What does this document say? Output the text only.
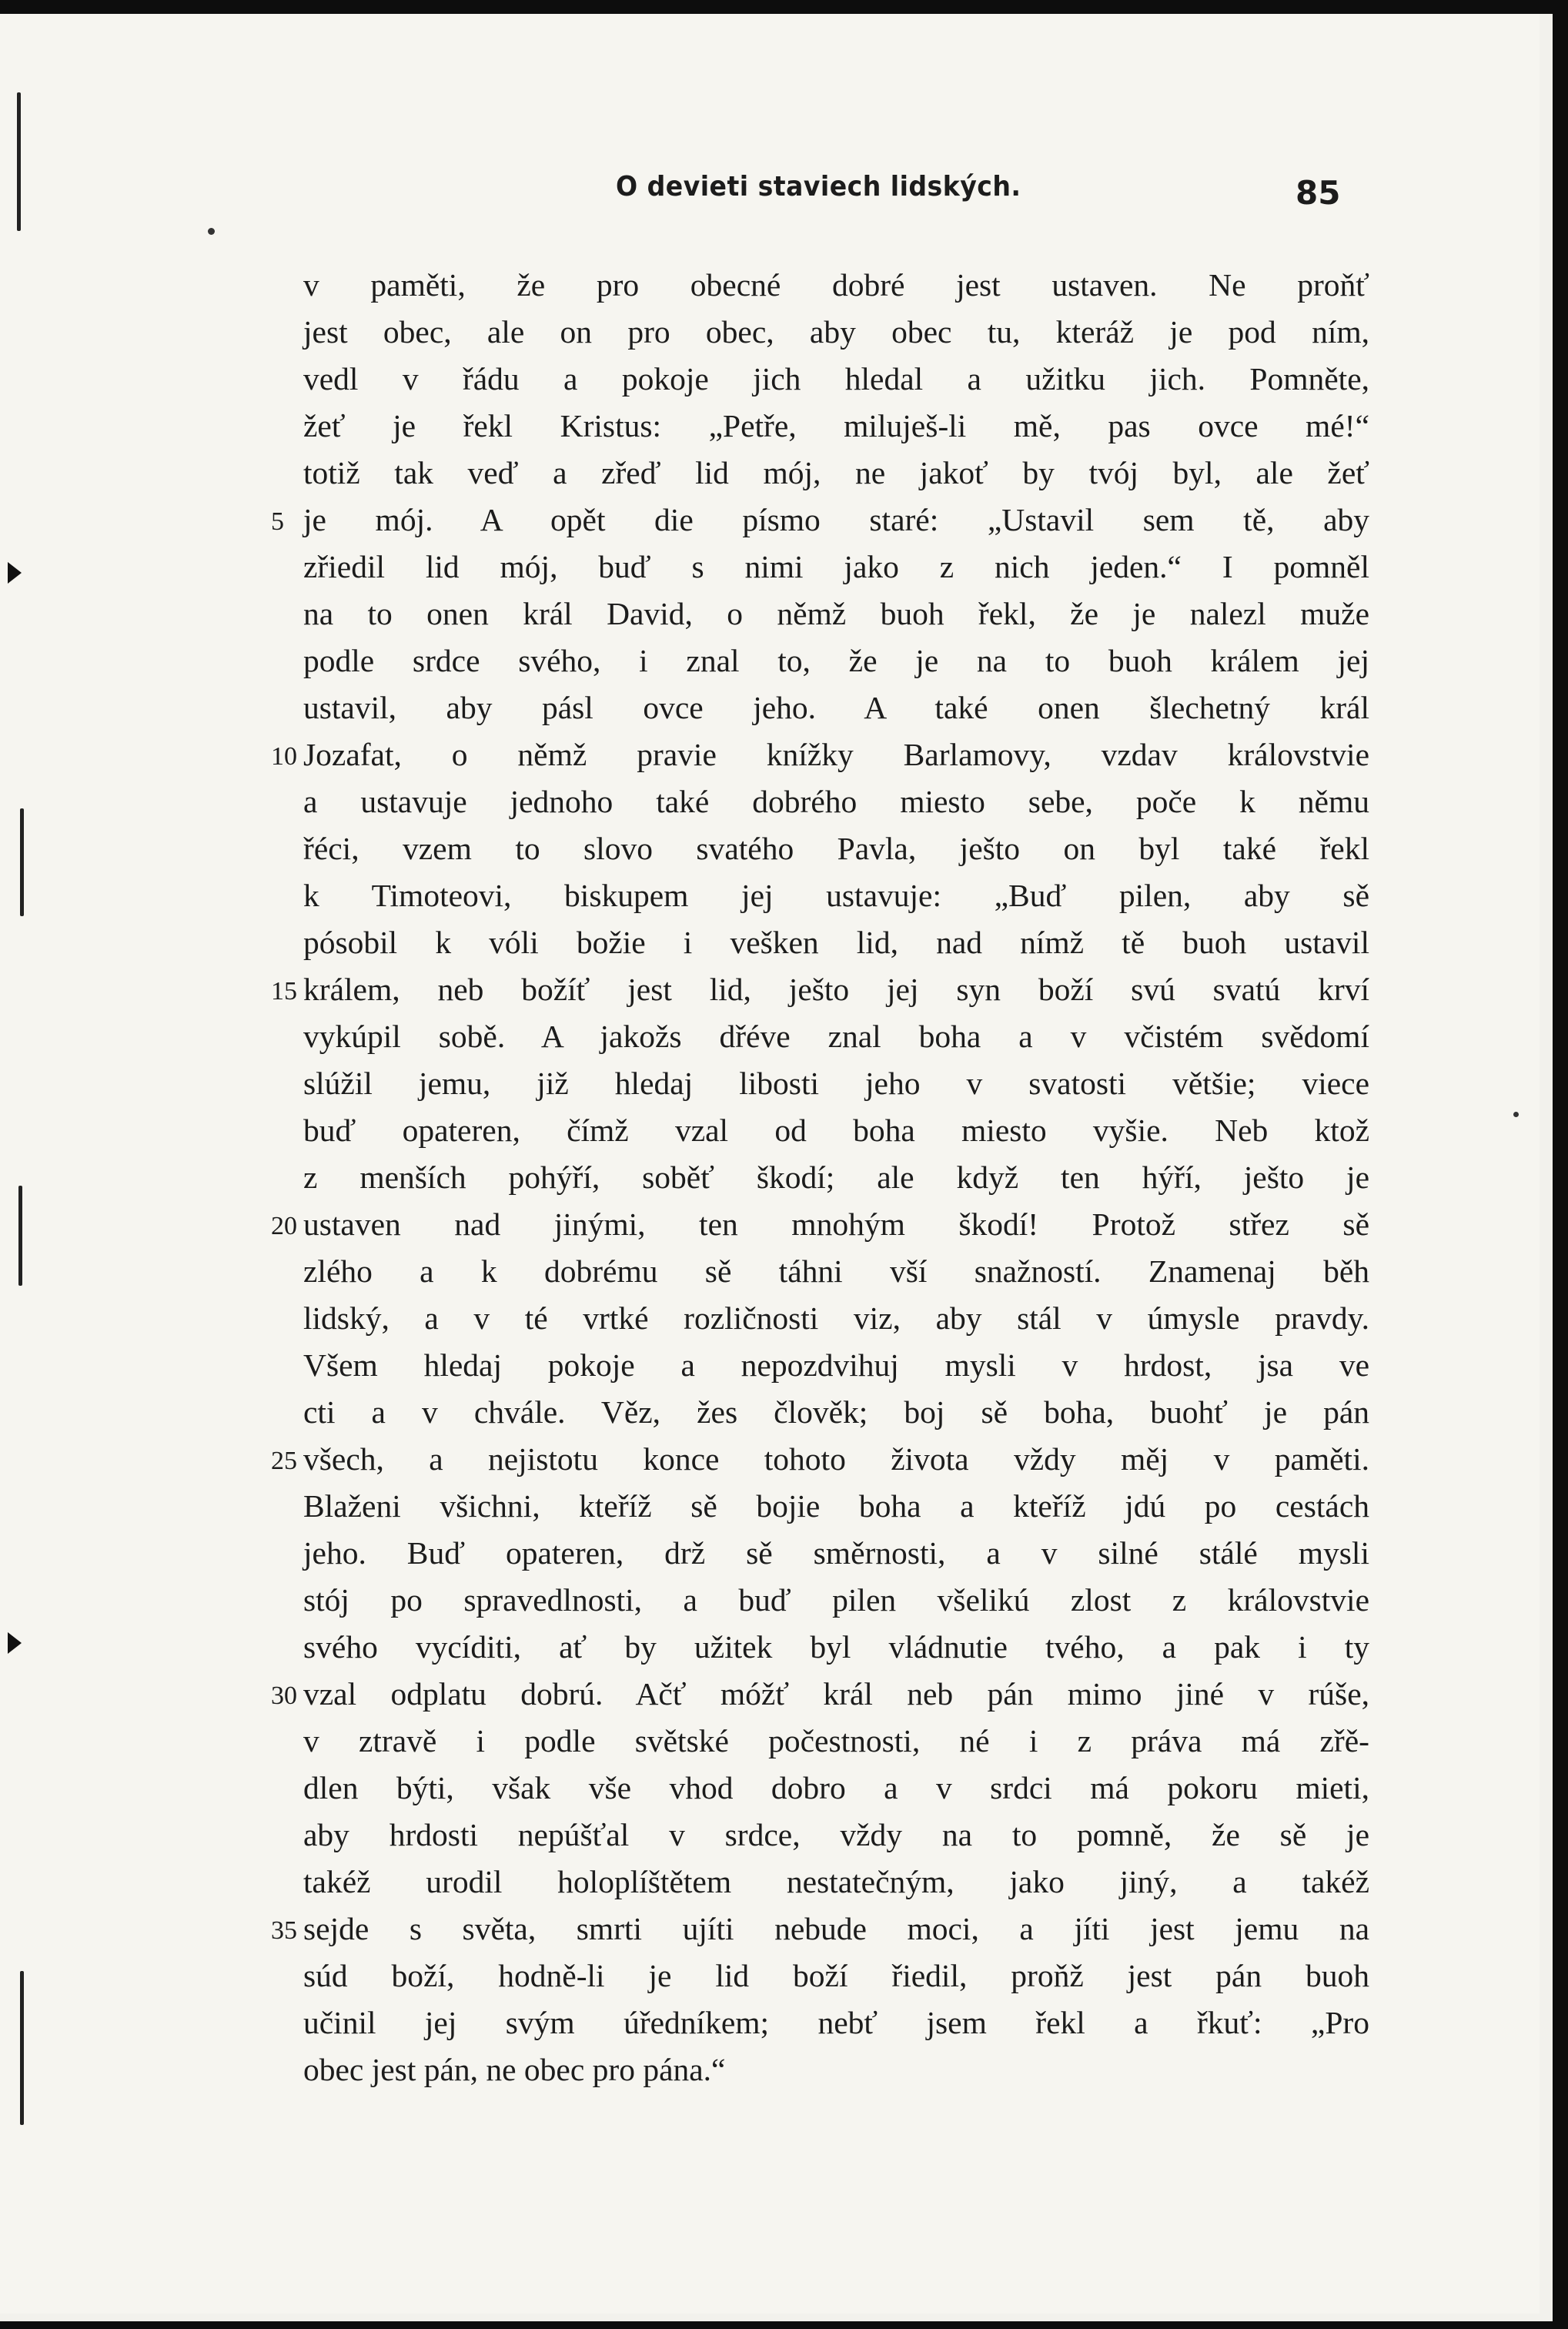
O devieti staviech lidských.	85
v paměti, že pro obecné dobré jest ustaven. Ne proňť
jest obec, ale on pro obec, aby obec tu, kteráž je pod ním,
vedl v řádu a pokoje jich hledal a užitku jich. Pomněte,
žeť je řekl Kristus: „Petře, miluješ-li mě, pas ovce mé!“
totiž tak veď a zřeď lid mój, ne jakoť by tvój byl, ale žeť
5 je mój. A opět die písmo staré: „Ustavil sem tě, aby
zřiedil lid mój, buď s nimi jako z nich jeden.“ I pomněl
na to onen král David, o němž buoh řekl, že je nalezl muže
podle srdce svého, i znal to, že je na to buoh králem jej
ustavil, aby pásl ovce jeho. A také onen šlechetný král
10 Jozafat, o němž pravie knížky Barlamovy, vzdav královstvie
a ustavuje jednoho také dobrého miesto sebe, poče k němu
řéci, vzem to slovo svatého Pavla, ješto on byl také řekl
k Timoteovi, biskupem jej ustavuje: „Buď pilen, aby sě
pósobil k vóli božie i vešken lid, nad nímž tě buoh ustavil
15 králem, neb božíť jest lid, ješto jej syn boží svú svatú krví
vykúpil sobě. A jakožs dřéve znal boha a v včistém svědomí
slúžil jemu, již hledaj libosti jeho v svatosti většie; viece
buď opateren, čímž vzal od boha miesto vyšie. Neb ktož
z menších pohýří, soběť škodí; ale když ten hýří, ješto je
20 ustaven nad jinými, ten mnohým škodí! Protož střez sě
zlého a k dobrému sě táhni vší snažností. Znamenaj běh
lidský, a v té vrtké rozličnosti viz, aby stál v úmysle pravdy.
Všem hledaj pokoje a nepozdvihuj mysli v hrdost, jsa ve
cti a v chvále. Věz, žes člověk; boj sě boha, buohť je pán
25 všech, a nejistotu konce tohoto života vždy měj v paměti.
Blaženi všichni, kteříž sě bojie boha a kteříž jdú po cestách
jeho. Buď opateren, drž sě směrnosti, a v silné stálé mysli
stój po spravedlnosti, a buď pilen všelikú zlost z královstvie
svého vycíditi, ať by užitek byl vládnutie tvého, a pak i ty
30 vzal odplatu dobrú. Ačť móžť král neb pán mimo jiné v rúše,
v ztravě i podle světské počestnosti, né i z práva má zřě-
dlen býti, však vše vhod dobro a v srdci má pokoru mieti,
aby hrdosti nepúšťal v srdce, vždy na to pomně, že sě je
takéž urodil holoplíštětem nestatečným, jako jiný, a takéž
35 sejde s světa, smrti ujíti nebude moci, a jíti jest jemu na
súd boží, hodně-li je lid boží řiedil, proňž jest pán buoh
učinil jej svým úředníkem; nebť jsem řekl a řkuť: „Pro
obec jest pán, ne obec pro pána.“
